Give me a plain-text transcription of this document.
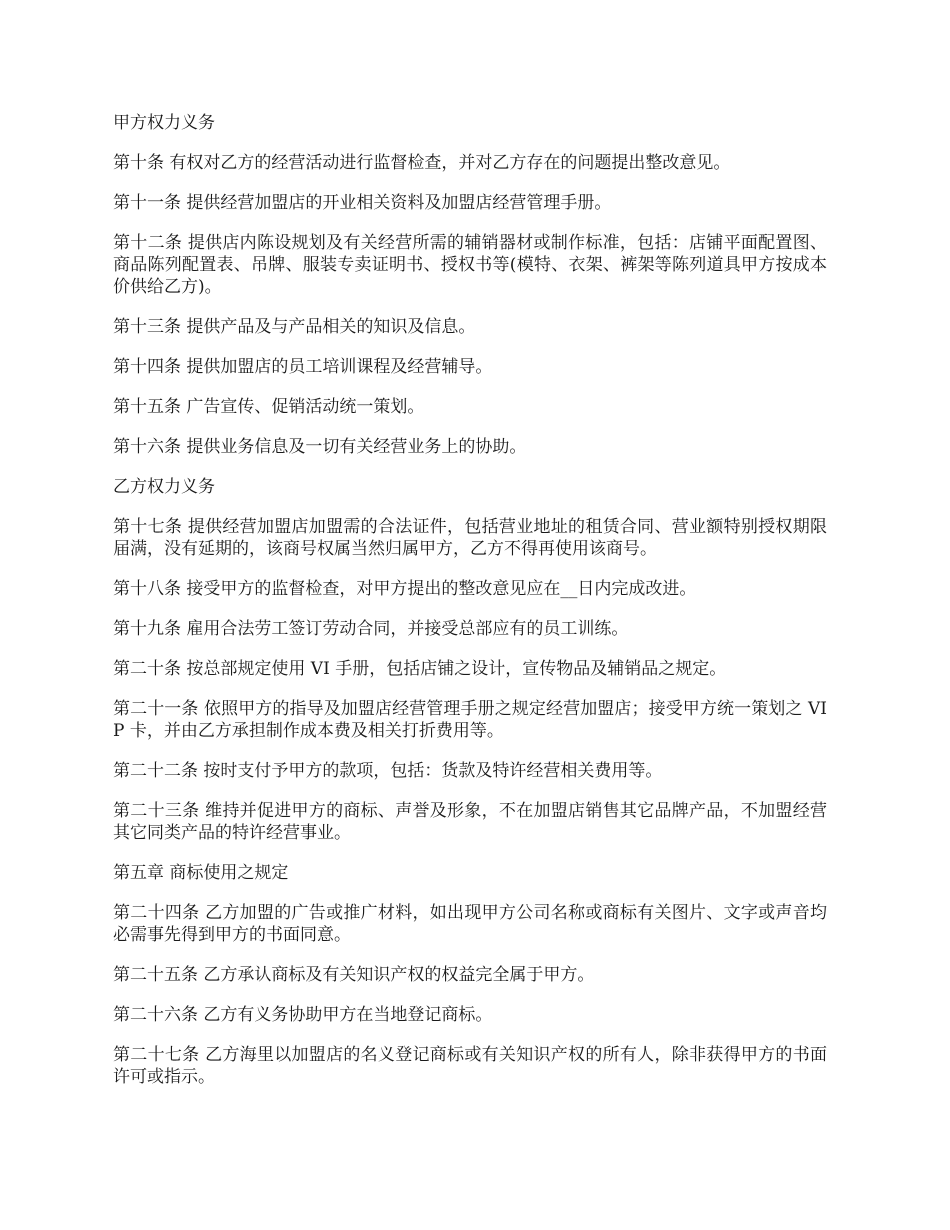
甲方权力义务

第十条 有权对乙方的经营活动进行监督检查，并对乙方存在的问题提出整改意见。

第十一条 提供经营加盟店的开业相关资料及加盟店经营管理手册。

第十二条 提供店内陈设规划及有关经营所需的辅销器材或制作标准，包括：店铺平面配置图、商品陈列配置表、吊牌、服装专卖证明书、授权书等(模特、衣架、裤架等陈列道具甲方按成本价供给乙方)。

第十三条 提供产品及与产品相关的知识及信息。

第十四条 提供加盟店的员工培训课程及经营辅导。

第十五条 广告宣传、促销活动统一策划。

第十六条 提供业务信息及一切有关经营业务上的协助。

乙方权力义务

第十七条 提供经营加盟店加盟需的合法证件，包括营业地址的租赁合同、营业额特别授权期限届满，没有延期的，该商号权属当然归属甲方，乙方不得再使用该商号。

第十八条 接受甲方的监督检查，对甲方提出的整改意见应在__日内完成改进。

第十九条 雇用合法劳工签订劳动合同，并接受总部应有的员工训练。

第二十条 按总部规定使用 VI 手册，包括店铺之设计，宣传物品及辅销品之规定。

第二十一条 依照甲方的指导及加盟店经营管理手册之规定经营加盟店；接受甲方统一策划之 VIP 卡，并由乙方承担制作成本费及相关打折费用等。

第二十二条 按时支付予甲方的款项，包括：货款及特许经营相关费用等。

第二十三条 维持并促进甲方的商标、声誉及形象，不在加盟店销售其它品牌产品，不加盟经营其它同类产品的特许经营事业。

第五章 商标使用之规定

第二十四条 乙方加盟的广告或推广材料，如出现甲方公司名称或商标有关图片、文字或声音均必需事先得到甲方的书面同意。

第二十五条 乙方承认商标及有关知识产权的权益完全属于甲方。

第二十六条 乙方有义务协助甲方在当地登记商标。

第二十七条 乙方海里以加盟店的名义登记商标或有关知识产权的所有人，除非获得甲方的书面许可或指示。
